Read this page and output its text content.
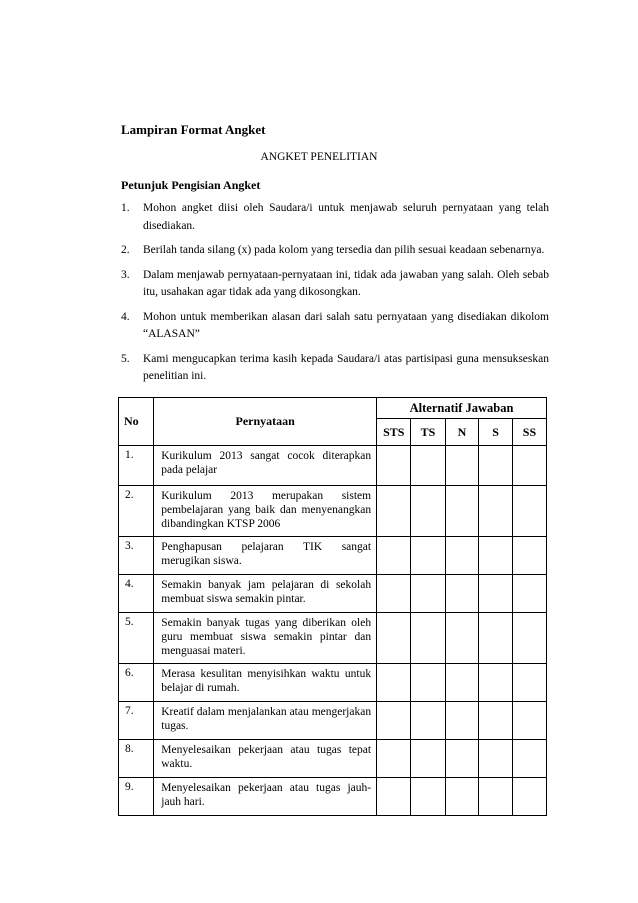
Lampiran Format Angket
ANGKET PENELITIAN
Petunjuk Pengisian Angket
1. Mohon angket diisi oleh Saudara/i untuk menjawab seluruh pernyataan yang telah disediakan.
2. Berilah tanda silang (x) pada kolom yang tersedia dan pilih sesuai keadaan sebenarnya.
3. Dalam menjawab pernyataan-pernyataan ini, tidak ada jawaban yang salah. Oleh sebab itu, usahakan agar tidak ada yang dikosongkan.
4. Mohon untuk memberikan alasan dari salah satu pernyataan yang disediakan dikolom “ALASAN”
5. Kami mengucapkan terima kasih kepada Saudara/i atas partisipasi guna mensukseskan penelitian ini.
No	Pernyataan	Alternatif Jawaban				
		STS	TS	N	S	SS
1.	Kurikulum 2013 sangat cocok diterapkan pada pelajar					
2.	Kurikulum 2013 merupakan sistem pembelajaran yang baik dan menyenangkan dibandingkan KTSP 2006					
3.	Penghapusan pelajaran TIK sangat merugikan siswa.					
4.	Semakin banyak jam pelajaran di sekolah membuat siswa semakin pintar.					
5.	Semakin banyak tugas yang diberikan oleh guru membuat siswa semakin pintar dan menguasai materi.					
6.	Merasa kesulitan menyisihkan waktu untuk belajar di rumah.					
7.	Kreatif dalam menjalankan atau mengerjakan tugas.					
8.	Menyelesaikan pekerjaan atau tugas tepat waktu.					
9.	Menyelesaikan pekerjaan atau tugas jauh-jauh hari.					
